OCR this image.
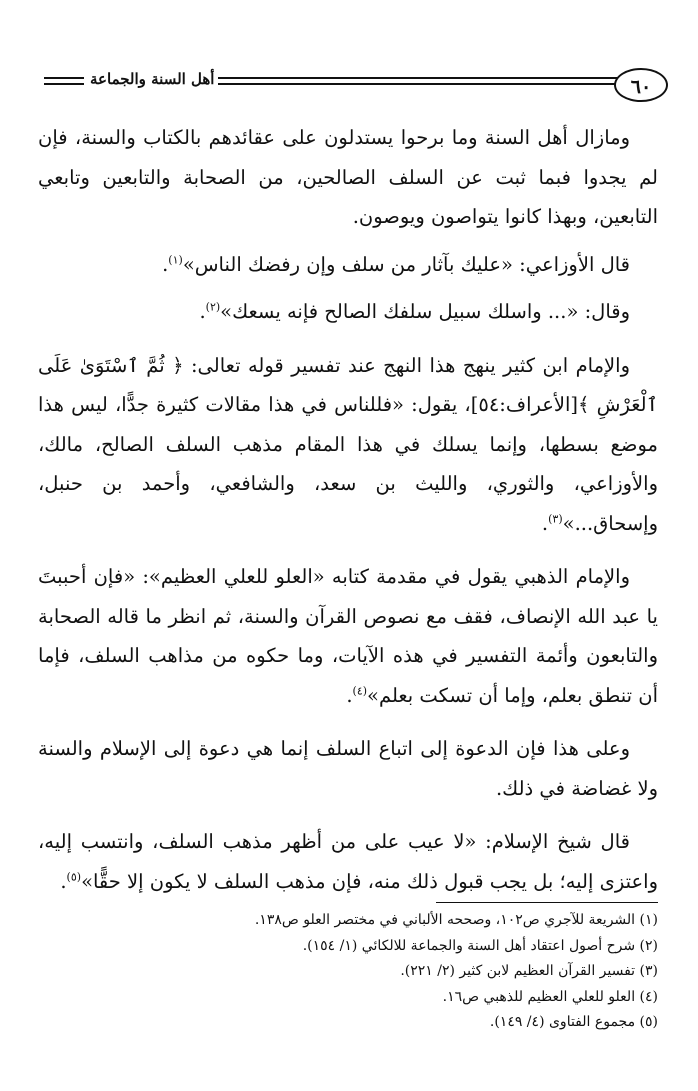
أهل السنة والجماعة	٦٠

ومازال أهل السنة وما برحوا يستدلون على عقائدهم بالكتاب والسنة، فإن لم يجدوا فبما ثبت عن السلف الصالحين، من الصحابة والتابعين وتابعي التابعين، وبهذا كانوا يتواصون ويوصون.

قال الأوزاعي: «عليك بآثار من سلف وإن رفضك الناس»$^{(١)}$.

وقال: «... واسلك سبيل سلفك الصالح فإنه يسعك»$^{(٢)}$.

والإمام ابن كثير ينهج هذا النهج عند تفسير قوله تعالى: ﴿ ثُمَّ ٱسْتَوَىٰ عَلَى ٱلْعَرْشِ ﴾[الأعراف:٥٤]، يقول: «فللناس في هذا مقالات كثيرة جدًّا، ليس هذا موضع بسطها، وإنما يسلك في هذا المقام مذهب السلف الصالح، مالك، والأوزاعي، والثوري، والليث بن سعد، والشافعي، وأحمد بن حنبل، وإسحاق...»$^{(٣)}$.

والإمام الذهبي يقول في مقدمة كتابه «العلو للعلي العظيم»: «فإن أحببتَ يا عبد الله الإنصاف، فقف مع نصوص القرآن والسنة، ثم انظر ما قاله الصحابة والتابعون وأئمة التفسير في هذه الآيات، وما حكوه من مذاهب السلف، فإما أن تنطق بعلم، وإما أن تسكت بعلم»$^{(٤)}$.

وعلى هذا فإن الدعوة إلى اتباع السلف إنما هي دعوة إلى الإسلام والسنة ولا غضاضة في ذلك.

قال شيخ الإسلام: «لا عيب على من أظهر مذهب السلف، وانتسب إليه، واعتزى إليه؛ بل يجب قبول ذلك منه، فإن مذهب السلف لا يكون إلا حقًّا»$^{(٥)}$.

(١) الشريعة للآجري ص١٠٢، وصححه الألباني في مختصر العلو ص١٣٨.
(٢) شرح أصول اعتقاد أهل السنة والجماعة للالكائي (١/ ١٥٤).
(٣) تفسير القرآن العظيم لابن كثير (٢/ ٢٢١).
(٤) العلو للعلي العظيم للذهبي ص١٦.
(٥) مجموع الفتاوى (٤/ ١٤٩).
